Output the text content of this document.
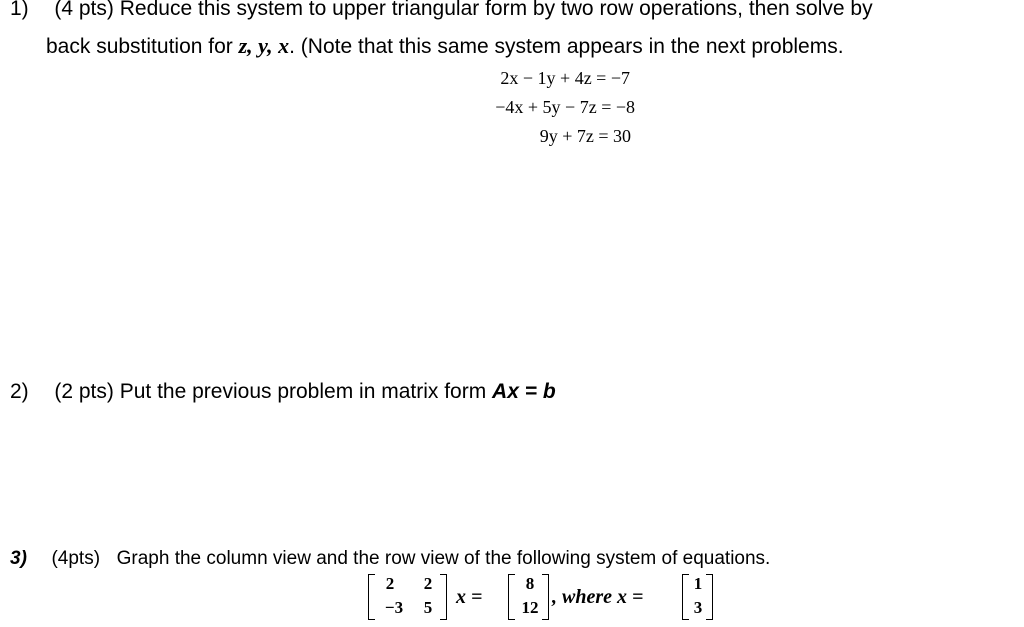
1) (4 pts) Reduce this system to upper triangular form by two row operations, then solve by
back substitution for z, y, x. (Note that this same system appears in the next problems.
2x − 1y + 4z = −7
−4x + 5y − 7z = −8
9y + 7z = 30
2) (2 pts) Put the previous problem in matrix form Ax = b
3) (4pts) Graph the column view and the row view of the following system of equations.
2	2
−3	5	x =
8
12 , where x =
1
3
